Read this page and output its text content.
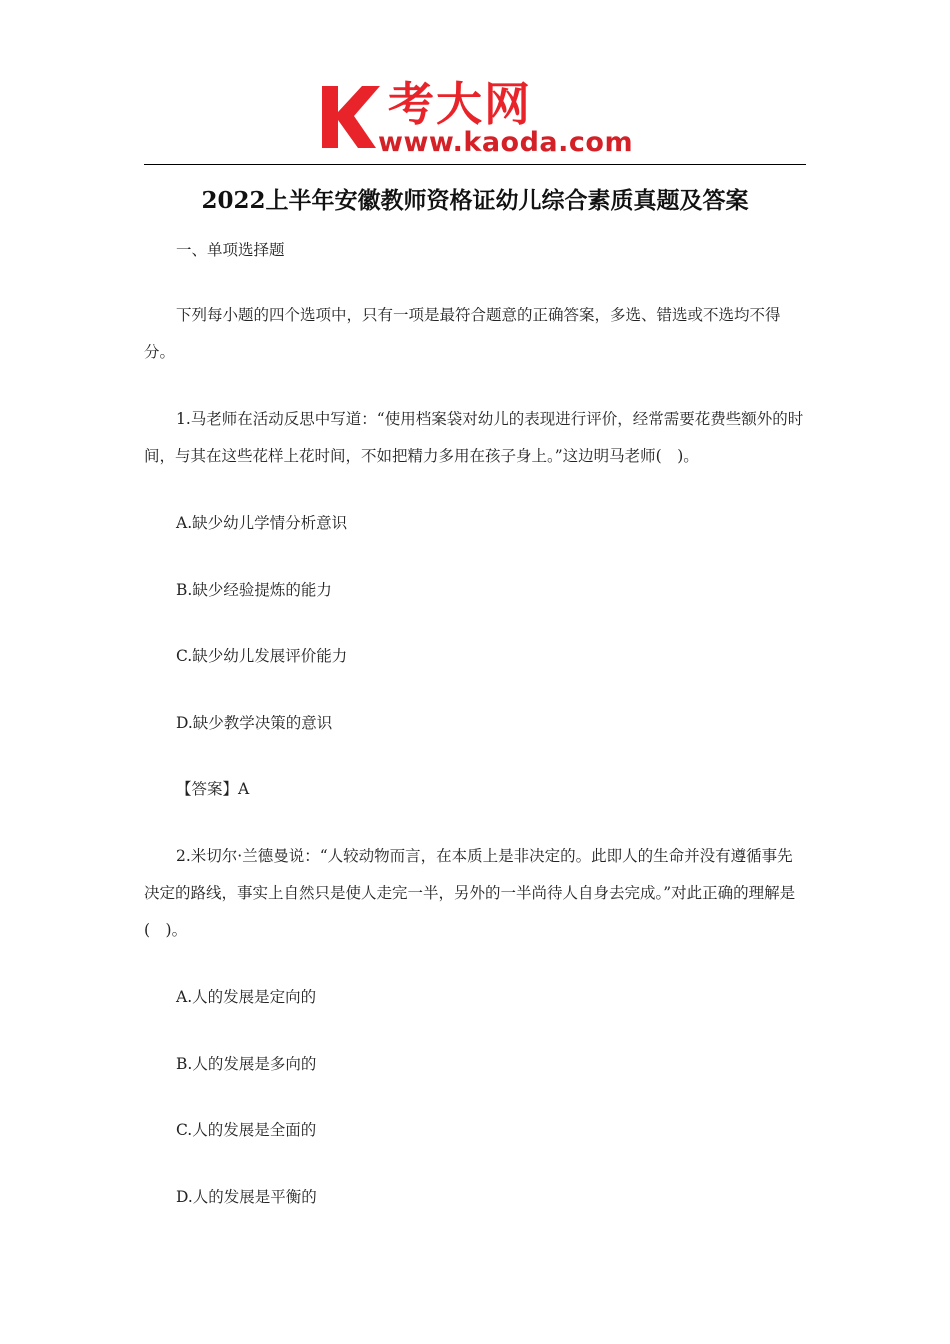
考大网
www.kaoda.com
2022上半年安徽教师资格证幼儿综合素质真题及答案

一、单项选择题

下列每小题的四个选项中，只有一项是最符合题意的正确答案，多选、错选或不选均不得分。

1.马老师在活动反思中写道：“使用档案袋对幼儿的表现进行评价，经常需要花费些额外的时间，与其在这些花样上花时间，不如把精力多用在孩子身上。”这边明马老师(　)。

A.缺少幼儿学情分析意识

B.缺少经验提炼的能力

C.缺少幼儿发展评价能力

D.缺少教学决策的意识

【答案】A

2.米切尔·兰德曼说：“人较动物而言，在本质上是非决定的。此即人的生命并没有遵循事先决定的路线，事实上自然只是使人走完一半，另外的一半尚待人自身去完成。”对此正确的理解是(　)。

A.人的发展是定向的

B.人的发展是多向的

C.人的发展是全面的

D.人的发展是平衡的
